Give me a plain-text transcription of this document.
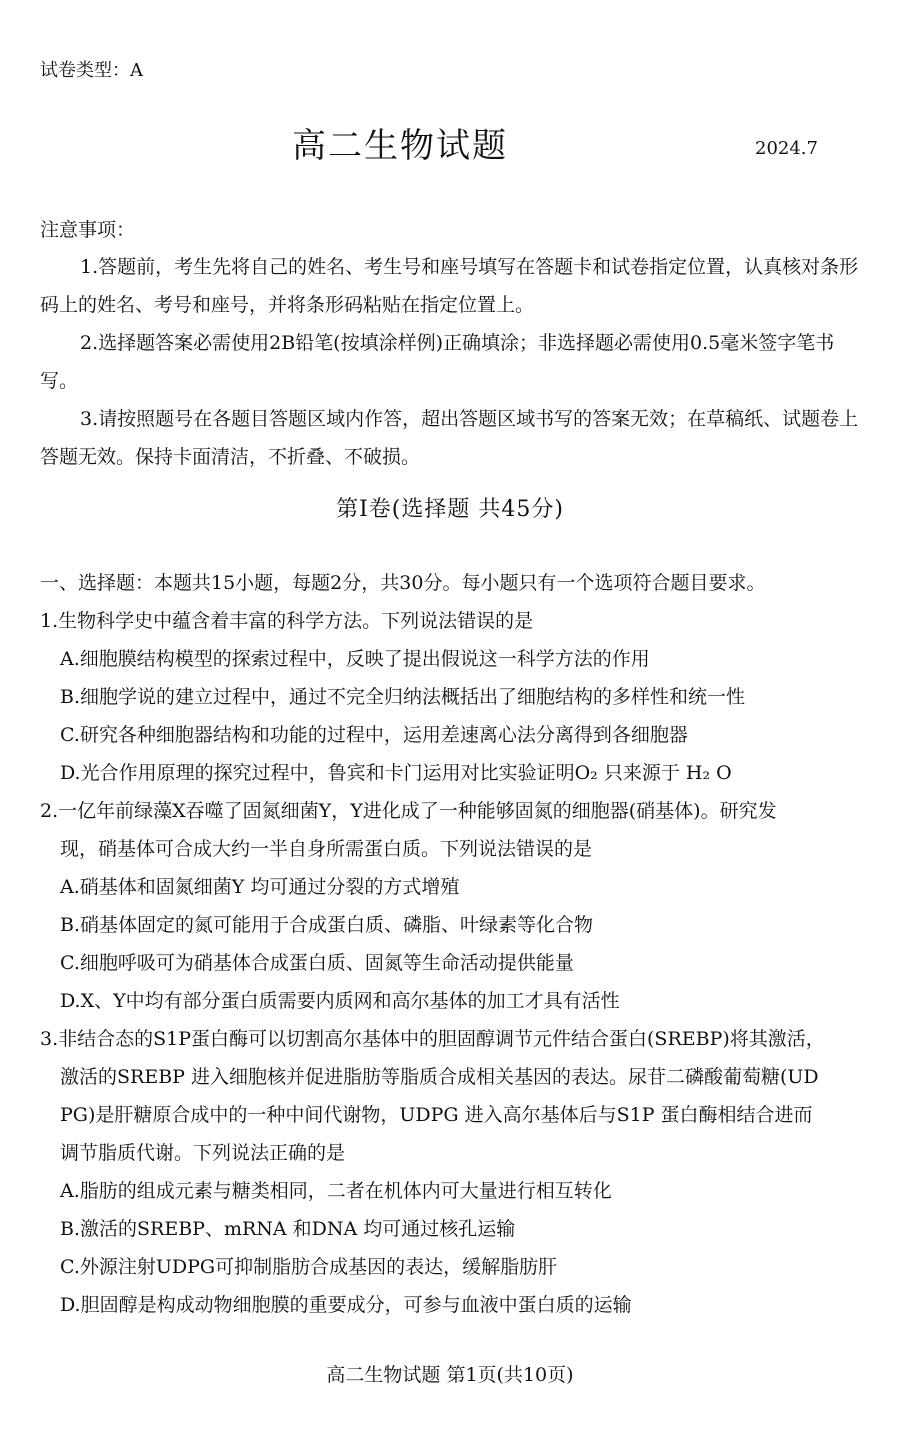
试卷类型：A
高二生物试题	2024.7
注意事项：
1.答题前，考生先将自己的姓名、考生号和座号填写在答题卡和试卷指定位置，认真核对条形码上的姓名、考号和座号，并将条形码粘贴在指定位置上。
2.选择题答案必需使用2B铅笔(按填涂样例)正确填涂；非选择题必需使用0.5毫米签字笔书写。
3.请按照题号在各题目答题区域内作答，超出答题区域书写的答案无效；在草稿纸、试题卷上答题无效。保持卡面清洁，不折叠、不破损。
第Ⅰ卷(选择题 共45分)
一、选择题：本题共15小题，每题2分，共30分。每小题只有一个选项符合题目要求。
1.生物科学史中蕴含着丰富的科学方法。下列说法错误的是
A.细胞膜结构模型的探索过程中，反映了提出假说这一科学方法的作用
B.细胞学说的建立过程中，通过不完全归纳法概括出了细胞结构的多样性和统一性
C.研究各种细胞器结构和功能的过程中，运用差速离心法分离得到各细胞器
D.光合作用原理的探究过程中，鲁宾和卡门运用对比实验证明O₂ 只来源于 H₂ O
2.一亿年前绿藻X吞噬了固氮细菌Y，Y进化成了一种能够固氮的细胞器(硝基体)。研究发
现，硝基体可合成大约一半自身所需蛋白质。下列说法错误的是
A.硝基体和固氮细菌Y 均可通过分裂的方式增殖
B.硝基体固定的氮可能用于合成蛋白质、磷脂、叶绿素等化合物
C.细胞呼吸可为硝基体合成蛋白质、固氮等生命活动提供能量
D.X、Y中均有部分蛋白质需要内质网和高尔基体的加工才具有活性
3.非结合态的S1P蛋白酶可以切割高尔基体中的胆固醇调节元件结合蛋白(SREBP)将其激活，
激活的SREBP 进入细胞核并促进脂肪等脂质合成相关基因的表达。尿苷二磷酸葡萄糖(UD
PG)是肝糖原合成中的一种中间代谢物，UDPG 进入高尔基体后与S1P 蛋白酶相结合进而
调节脂质代谢。下列说法正确的是
A.脂肪的组成元素与糖类相同，二者在机体内可大量进行相互转化
B.激活的SREBP、mRNA 和DNA 均可通过核孔运输
C.外源注射UDPG可抑制脂肪合成基因的表达，缓解脂肪肝
D.胆固醇是构成动物细胞膜的重要成分，可参与血液中蛋白质的运输
高二生物试题 第1页(共10页)
